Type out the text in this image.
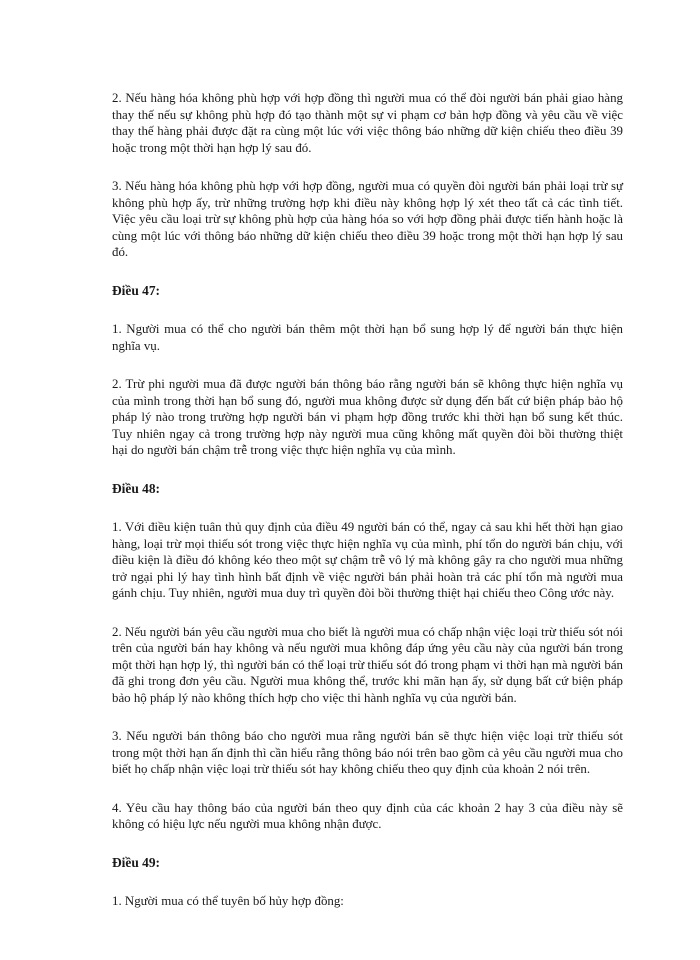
2. Nếu hàng hóa không phù hợp với hợp đồng thì người mua có thể đòi người bán phải giao hàng thay thế nếu sự không phù hợp đó tạo thành một sự vi phạm cơ bản hợp đồng và yêu cầu về việc thay thế hàng phải được đặt ra cùng một lúc với việc thông báo những dữ kiện chiếu theo điều 39 hoặc trong một thời hạn hợp lý sau đó.

3. Nếu hàng hóa không phù hợp với hợp đồng, người mua có quyền đòi người bán phải loại trừ sự không phù hợp ấy, trừ những trường hợp khi điều này không hợp lý xét theo tất cả các tình tiết. Việc yêu cầu loại trừ sự không phù hợp của hàng hóa so với hợp đồng phải được tiến hành hoặc là cùng một lúc với thông báo những dữ kiện chiếu theo điều 39 hoặc trong một thời hạn hợp lý sau đó.

Điều 47:

1. Người mua có thể cho người bán thêm một thời hạn bổ sung hợp lý để người bán thực hiện nghĩa vụ.

2. Trừ phi người mua đã được người bán thông báo rằng người bán sẽ không thực hiện nghĩa vụ của mình trong thời hạn bổ sung đó, người mua không được sử dụng đến bất cứ biện pháp bảo hộ pháp lý nào trong trường hợp người bán vi phạm hợp đồng trước khi thời hạn bổ sung kết thúc. Tuy nhiên ngay cả trong trường hợp này người mua cũng không mất quyền đòi bồi thường thiệt hại do người bán chậm trễ trong việc thực hiện nghĩa vụ của mình.

Điều 48:

1. Với điều kiện tuân thủ quy định của điều 49 người bán có thể, ngay cả sau khi hết thời hạn giao hàng, loại trừ mọi thiếu sót trong việc thực hiện nghĩa vụ của mình, phí tổn do người bán chịu, với điều kiện là điều đó không kéo theo một sự chậm trễ vô lý mà không gây ra cho người mua những trở ngại phi lý hay tình hình bất định về việc người bán phải hoàn trả các phí tổn mà người mua gánh chịu. Tuy nhiên, người mua duy trì quyền đòi bồi thường thiệt hại chiếu theo Công ước này.

2. Nếu người bán yêu cầu người mua cho biết là người mua có chấp nhận việc loại trừ thiếu sót nói trên của người bán hay không và nếu người mua không đáp ứng yêu cầu này của người bán trong một thời hạn hợp lý, thì người bán có thể loại trừ thiếu sót đó trong phạm vi thời hạn mà người bán đã ghi trong đơn yêu cầu. Người mua không thể, trước khi mãn hạn ấy, sử dụng bất cứ biện pháp bảo hộ pháp lý nào không thích hợp cho việc thi hành nghĩa vụ của người bán.

3. Nếu người bán thông báo cho người mua rằng người bán sẽ thực hiện việc loại trừ thiếu sót trong một thời hạn ấn định thì cần hiểu rằng thông báo nói trên bao gồm cả yêu cầu người mua cho biết họ chấp nhận việc loại trừ thiếu sót hay không chiếu theo quy định của khoản 2 nói trên.

4. Yêu cầu hay thông báo của người bán theo quy định của các khoản 2 hay 3 của điều này sẽ không có hiệu lực nếu người mua không nhận được.

Điều 49:

1. Người mua có thể tuyên bố hủy hợp đồng:
